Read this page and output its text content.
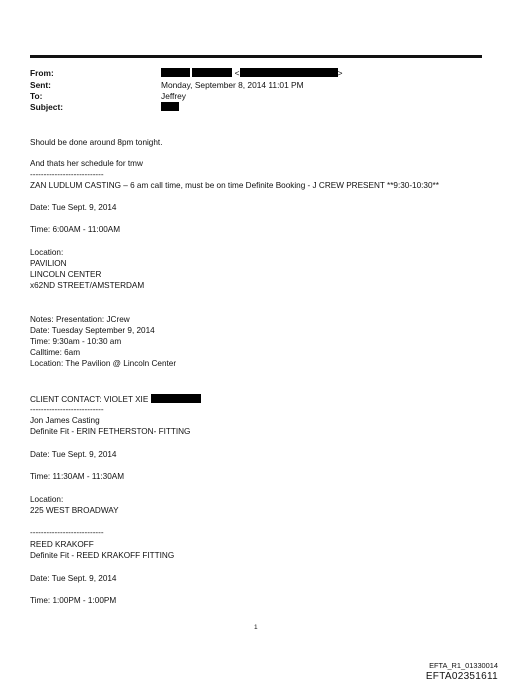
From:
Sent:
To:
Subject:
<	>
Monday, September 8, 2014 11:01 PM
Jeffrey
Should be done around 8pm tonight.
And thats her schedule for tmw
---------------------------
ZAN LUDLUM CASTING – 6 am call time, must be on time Definite Booking - J CREW PRESENT **9:30-10:30**
Date: Tue Sept. 9, 2014
Time: 6:00AM - 11:00AM
Location:
PAVILION
LINCOLN CENTER
x62ND STREET/AMSTERDAM
Notes: Presentation: JCrew
Date: Tuesday September 9, 2014
Time: 9:30am - 10:30 am
Calltime: 6am
Location: The Pavilion @ Lincoln Center
CLIENT CONTACT: VIOLET XIE
---------------------------
Jon James Casting
Definite Fit - ERIN FETHERSTON- FITTING
Date: Tue Sept. 9, 2014
Time: 11:30AM - 11:30AM
Location:
225 WEST BROADWAY
---------------------------
REED KRAKOFF
Definite Fit - REED KRAKOFF FITTING
Date: Tue Sept. 9, 2014
Time: 1:00PM - 1:00PM
1
EFTA_R1_01330014
EFTA02351611
